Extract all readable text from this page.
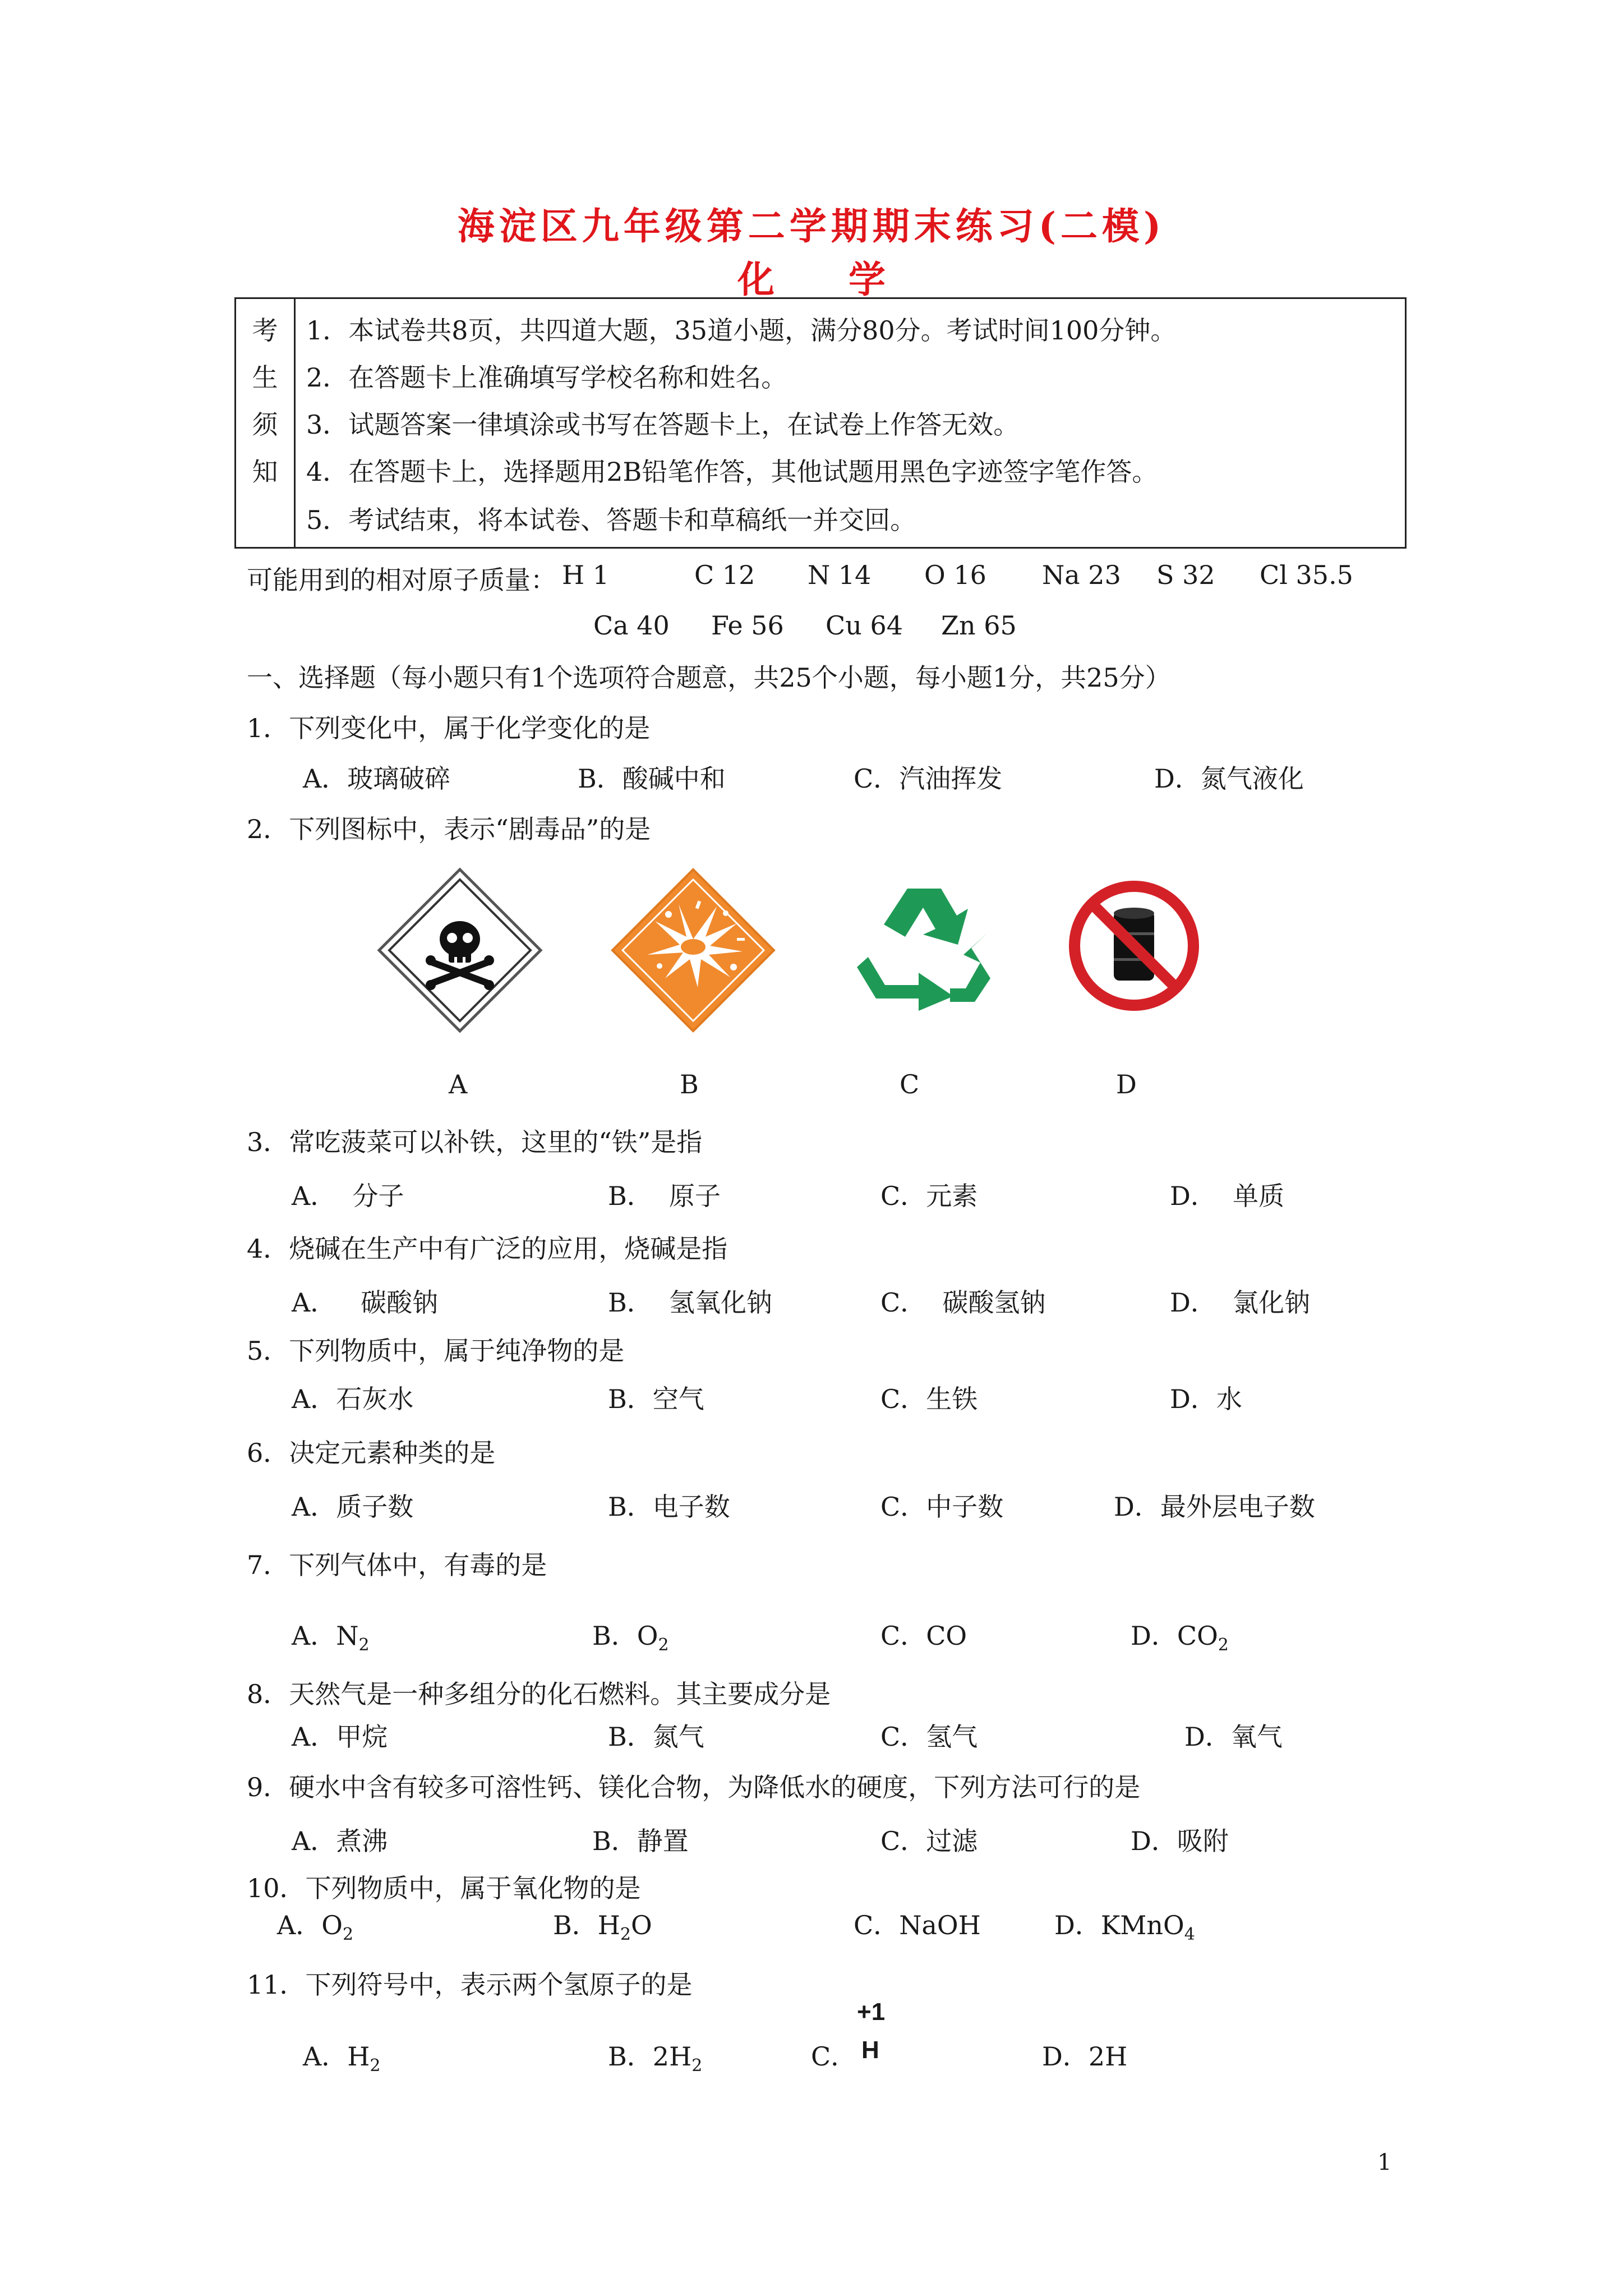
海淀区九年级第二学期期末练习(二模)
化　　学
考
生
须
知
1．本试卷共8页，共四道大题，35道小题，满分80分。考试时间100分钟。
2．在答题卡上准确填写学校名称和姓名。
3．试题答案一律填涂或书写在答题卡上，在试卷上作答无效。
4．在答题卡上，选择题用2B铅笔作答，其他试题用黑色字迹签字笔作答。
5．考试结束，将本试卷、答题卡和草稿纸一并交回。
可能用到的相对原子质量： H 1	C 12 N 14 O 16 Na 23 S 32 Cl 35.5
Ca 40 Fe 56 Cu 64 Zn 65
一、选择题（每小题只有1个选项符合题意，共25个小题，每小题1分，共25分）
1．下列变化中，属于化学变化的是
A．玻璃破碎	B．酸碱中和	C．汽油挥发	D．氮气液化
2．下列图标中，表示“剧毒品”的是
A	B	C	D
3．常吃菠菜可以补铁，这里的“铁”是指
A．  分子	B．  原子	C．元素	D．  单质
4．烧碱在生产中有广泛的应用，烧碱是指
A．   碳酸钠	B．  氢氧化钠	C．  碳酸氢钠	D．  氯化钠
5．下列物质中，属于纯净物的是
A．石灰水	B．空气	C．生铁	D．水
6．决定元素种类的是
A．质子数	B．电子数	C．中子数	D．最外层电子数
7．下列气体中，有毒的是
A．$N_2$	B．$O_2$	C．CO	D．$CO_2$
8．天然气是一种多组分的化石燃料。其主要成分是
A．甲烷	B．氮气	C．氢气	D．氧气
9．硬水中含有较多可溶性钙、镁化合物，为降低水的硬度，下列方法可行的是
A．煮沸	B．静置	C．过滤	D．吸附
10．下列物质中，属于氧化物的是
A．$O_2$	B．$H_2O$	C．NaOH	D．KMnO$_4$
11．下列符号中，表示两个氢原子的是
A．$H_2$	B．$2H_2$	C．
+1
H	D．2H
1
